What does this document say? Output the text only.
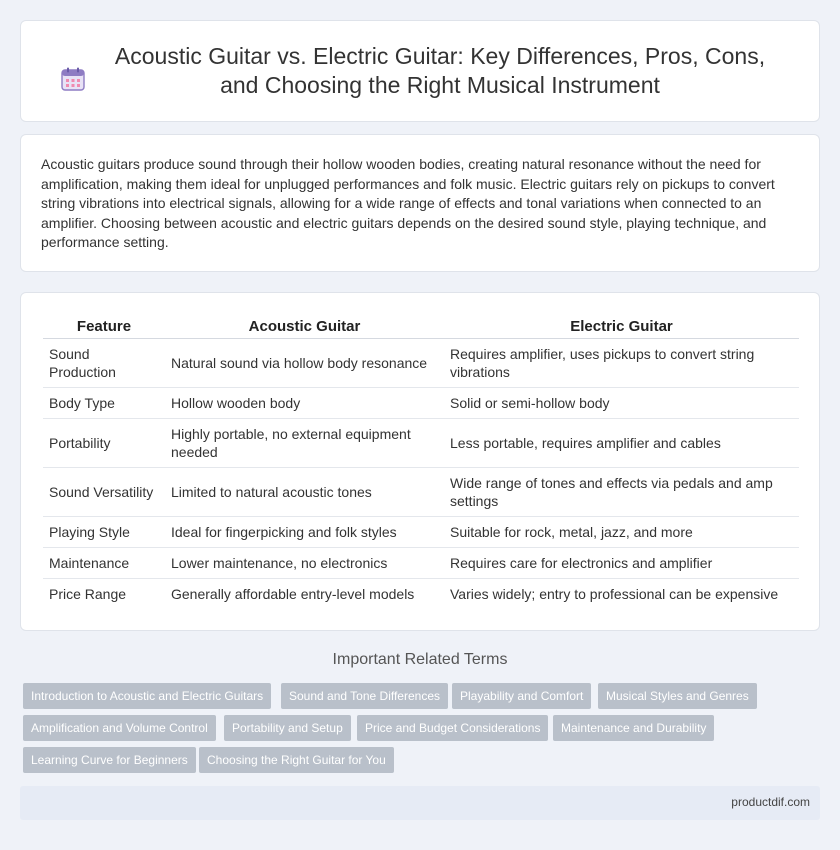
Acoustic Guitar vs. Electric Guitar: Key Differences, Pros, Cons, and Choosing the Right Musical Instrument

Acoustic guitars produce sound through their hollow wooden bodies, creating natural resonance without the need for amplification, making them ideal for unplugged performances and folk music. Electric guitars rely on pickups to convert string vibrations into electrical signals, allowing for a wide range of effects and tonal variations when connected to an amplifier. Choosing between acoustic and electric guitars depends on the desired sound style, playing technique, and performance setting.

Feature	Acoustic Guitar	Electric Guitar
Sound Production	Natural sound via hollow body resonance	Requires amplifier, uses pickups to convert string vibrations
Body Type	Hollow wooden body	Solid or semi-hollow body
Portability	Highly portable, no external equipment needed	Less portable, requires amplifier and cables
Sound Versatility	Limited to natural acoustic tones	Wide range of tones and effects via pedals and amp settings
Playing Style	Ideal for fingerpicking and folk styles	Suitable for rock, metal, jazz, and more
Maintenance	Lower maintenance, no electronics	Requires care for electronics and amplifier
Price Range	Generally affordable entry-level models	Varies widely; entry to professional can be expensive
Important Related Terms
Introduction to Acoustic and Electric Guitars	Sound and Tone Differences	Playability and Comfort	Musical Styles and Genres
Amplification and Volume Control	Portability and Setup	Price and Budget Considerations	Maintenance and Durability
Learning Curve for Beginners	Choosing the Right Guitar for You
productdif.com
